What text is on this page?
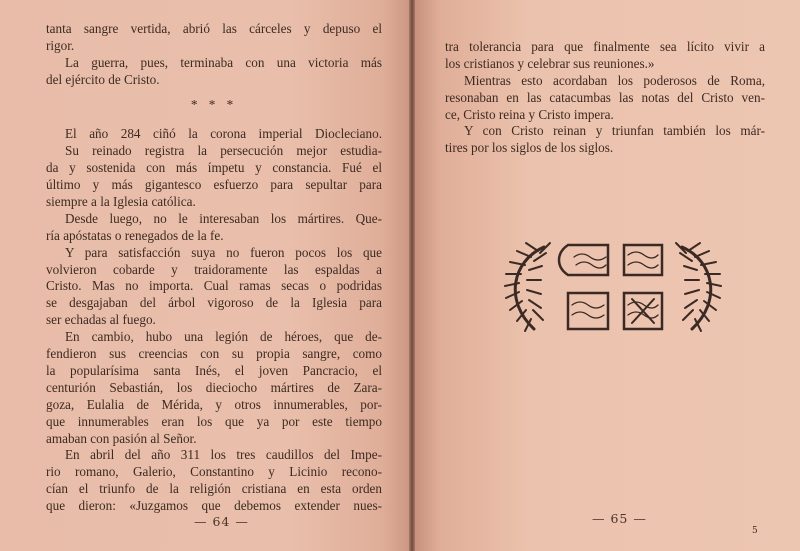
tanta sangre vertida, abrió las cárceles y depuso el
rigor.
La guerra, pues, terminaba con una victoria más
del ejército de Cristo.
* * *
El año 284 ciñó la corona imperial Diocleciano.
Su reinado registra la persecución mejor estudia-
da y sostenida con más ímpetu y constancia. Fué el
último y más gigantesco esfuerzo para sepultar para
siempre a la Iglesia católica.
Desde luego, no le interesaban los mártires. Que-
ría apóstatas o renegados de la fe.
Y para satisfacción suya no fueron pocos los que
volvieron cobarde y traidoramente las espaldas a
Cristo. Mas no importa. Cual ramas secas o podridas
se desgajaban del árbol vigoroso de la Iglesia para
ser echadas al fuego.
En cambio, hubo una legión de héroes, que de-
fendieron sus creencias con su propia sangre, como
la popularísima santa Inés, el joven Pancracio, el
centurión Sebastián, los dieciocho mártires de Zara-
goza, Eulalia de Mérida, y otros innumerables, por-
que innumerables eran los que ya por este tiempo
amaban con pasión al Señor.
En abril del año 311 los tres caudillos del Impe-
rio romano, Galerio, Constantino y Licinio recono-
cían el triunfo de la religión cristiana en esta orden
que dieron: «Juzgamos que debemos extender nues-
— 64 —
tra tolerancia para que finalmente sea lícito vivir a
los cristianos y celebrar sus reuniones.»
Mientras esto acordaban los poderosos de Roma,
resonaban en las catacumbas las notas del Cristo ven-
ce, Cristo reina y Cristo impera.
Y con Cristo reinan y triunfan también los már-
tires por los siglos de los siglos.
— 65 —
5
